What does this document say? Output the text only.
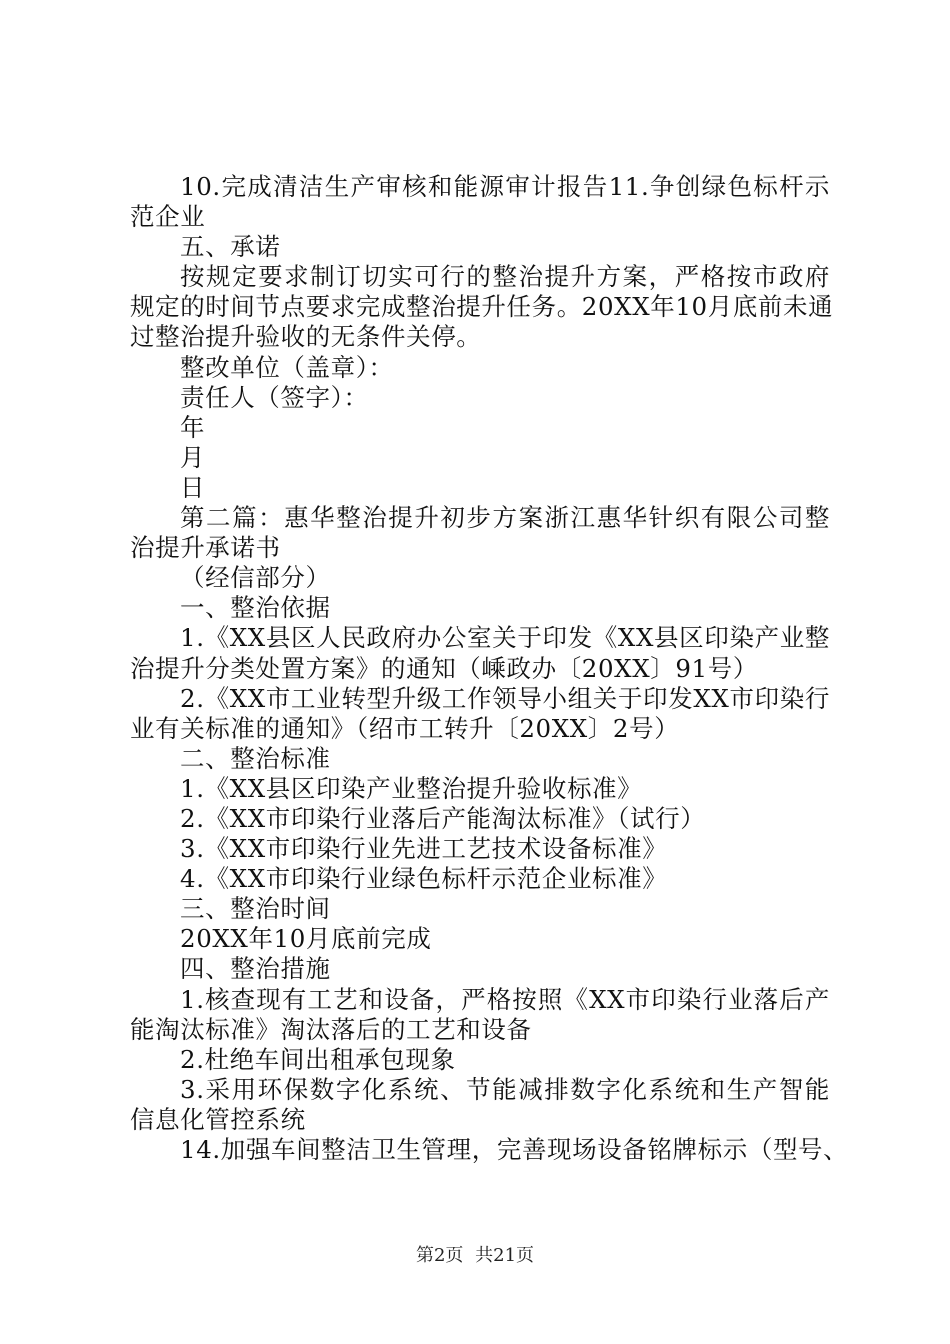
10.完成清洁生产审核和能源审计报告11.争创绿色标杆示
范企业
五、承诺
按规定要求制订切实可行的整治提升方案，严格按市政府
规定的时间节点要求完成整治提升任务。20XX年10月底前未通
过整治提升验收的无条件关停。
整改单位（盖章）：
责任人（签字）：
年
月
日
第二篇：惠华整治提升初步方案浙江惠华针织有限公司整
治提升承诺书
（经信部分）
一、整治依据
1.《XX县区人民政府办公室关于印发《XX县区印染产业整
治提升分类处置方案》的通知（嵊政办〔20XX〕91号）
2.《XX市工业转型升级工作领导小组关于印发XX市印染行
业有关标准的通知》（绍市工转升〔20XX〕2号）
二、整治标准
1.《XX县区印染产业整治提升验收标准》
2.《XX市印染行业落后产能淘汰标准》（试行）
3.《XX市印染行业先进工艺技术设备标准》
4.《XX市印染行业绿色标杆示范企业标准》
三、整治时间
20XX年10月底前完成
四、整治措施
1.核查现有工艺和设备，严格按照《XX市印染行业落后产
能淘汰标准》淘汰落后的工艺和设备
2.杜绝车间出租承包现象
3.采用环保数字化系统、节能减排数字化系统和生产智能
信息化管控系统
14.加强车间整洁卫生管理，完善现场设备铭牌标示（型号、
第2页 共21页
